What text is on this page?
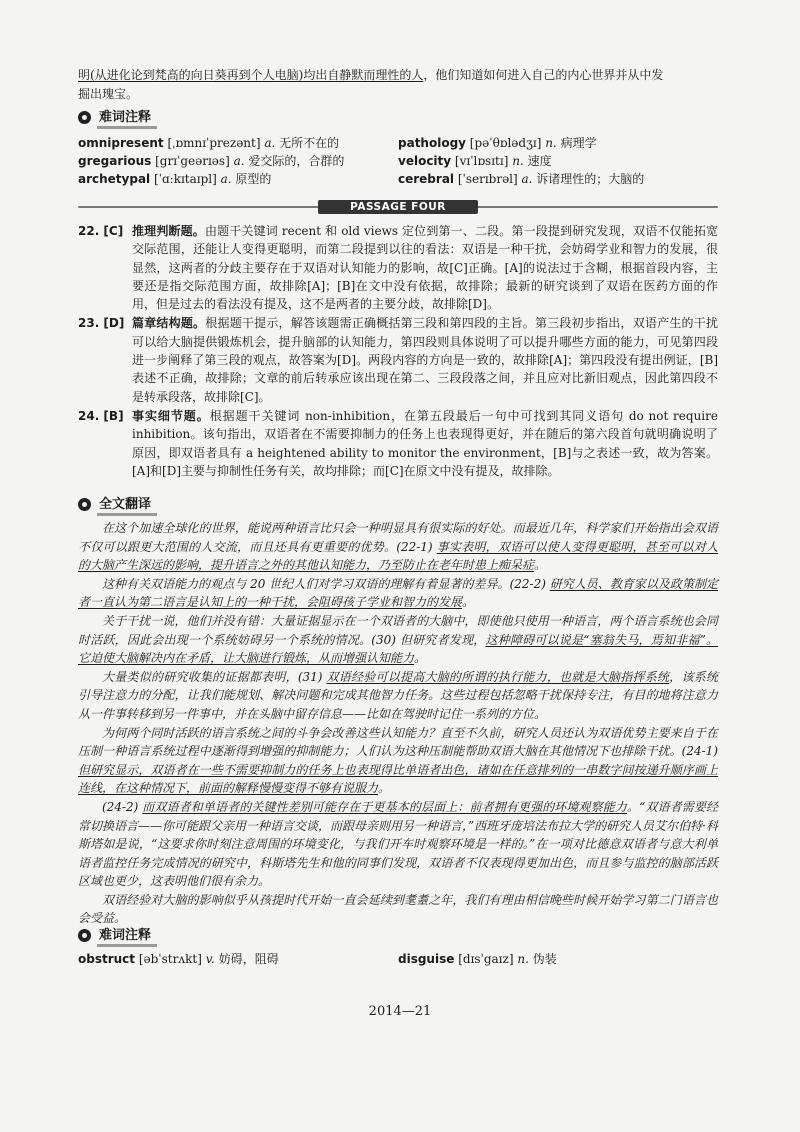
明(从进化论到梵高的向日葵再到个人电脑)均出自静默而理性的人，他们知道如何进入自己的内心世界并从中发
掘出瑰宝。
难词注释
omnipresent [ˌɒmnɪˈprezənt] a. 无所不在的	pathology [pəˈθɒlədʒɪ] n. 病理学
gregarious [grɪˈgeərɪəs] a. 爱交际的，合群的	velocity [vɪˈlɒsɪtɪ] n. 速度
archetypal [ˈɑːkɪtaɪpl] a. 原型的	cerebral [ˈserɪbrəl] a. 诉诸理性的；大脑的
PASSAGE FOUR
22. [C] 推理判断题。由题干关键词 recent 和 old views 定位到第一、二段。第一段提到研究发现，双语不仅能拓宽交际范围，还能让人变得更聪明，而第二段提到以往的看法：双语是一种干扰，会妨碍学业和智力的发展，很显然，这两者的分歧主要存在于双语对认知能力的影响，故[C]正确。[A]的说法过于含糊，根据首段内容，主要还是指交际范围方面，故排除[A]；[B]在文中没有依据，故排除；最新的研究谈到了双语在医药方面的作用，但是过去的看法没有提及，这不是两者的主要分歧，故排除[D]。
23. [D] 篇章结构题。根据题干提示，解答该题需正确概括第三段和第四段的主旨。第三段初步指出，双语产生的干扰可以给大脑提供锻炼机会，提升脑部的认知能力，第四段则具体说明了可以提升哪些方面的能力，可见第四段进一步阐释了第三段的观点，故答案为[D]。两段内容的方向是一致的，故排除[A]；第四段没有提出例证，[B]表述不正确，故排除；文章的前后转承应该出现在第二、三段段落之间，并且应对比新旧观点，因此第四段不是转承段落，故排除[C]。
24. [B] 事实细节题。根据题干关键词 non-inhibition，在第五段最后一句中可找到其同义语句 do not require inhibition。该句指出，双语者在不需要抑制力的任务上也表现得更好，并在随后的第六段首句就明确说明了原因，即双语者具有 a heightened ability to monitor the environment，[B]与之表述一致，故为答案。[A]和[D]主要与抑制性任务有关，故均排除；而[C]在原文中没有提及，故排除。
全文翻译

在这个加速全球化的世界，能说两种语言比只会一种明显具有很实际的好处。而最近几年，科学家们开始指出会双语不仅可以跟更大范围的人交流，而且还具有更重要的优势。(22-1) 事实表明，双语可以使人变得更聪明，甚至可以对人的大脑产生深远的影响，提升语言之外的其他认知能力，乃至防止在老年时患上痴呆症。

这种有关双语能力的观点与 20 世纪人们对学习双语的理解有着显著的差异。(22-2) 研究人员、教育家以及政策制定者一直认为第二语言是认知上的一种干扰，会阻碍孩子学业和智力的发展。

关于干扰一说，他们并没有错：大量证据显示在一个双语者的大脑中，即使他只使用一种语言，两个语言系统也会同时活跃，因此会出现一个系统妨碍另一个系统的情况。(30) 但研究者发现，这种障碍可以说是“塞翁失马，焉知非福”。它迫使大脑解决内在矛盾，让大脑进行锻炼，从而增强认知能力。

大量类似的研究收集的证据都表明，(31) 双语经验可以提高大脑的所谓的执行能力，也就是大脑指挥系统，该系统引导注意力的分配，让我们能规划、解决问题和完成其他智力任务。这些过程包括忽略干扰保持专注，有目的地将注意力从一件事转移到另一件事中，并在头脑中留存信息——比如在驾驶时记住一系列的方位。

为何两个同时活跃的语言系统之间的斗争会改善这些认知能力？直至不久前，研究人员还认为双语优势主要来自于在压制一种语言系统过程中逐渐得到增强的抑制能力；人们认为这种压制能帮助双语大脑在其他情况下也排除干扰。(24-1) 但研究显示，双语者在一些不需要抑制力的任务上也表现得比单语者出色，诸如在任意排列的一串数字间按递升顺序画上连线，在这种情况下，前面的解释慢慢变得不够有说服力。

(24-2) 而双语者和单语者的关键性差别可能存在于更基本的层面上：前者拥有更强的环境观察能力。“双语者需要经常切换语言——你可能跟父亲用一种语言交谈，而跟母亲则用另一种语言，”西班牙庞培法布拉大学的研究人员艾尔伯特·科斯塔如是说，“这要求你时刻注意周围的环境变化，与我们开车时观察环境是一样的。”在一项对比德意双语者与意大利单语者监控任务完成情况的研究中，科斯塔先生和他的同事们发现，双语者不仅表现得更加出色，而且参与监控的脑部活跃区域也更少，这表明他们很有余力。

双语经验对大脑的影响似乎从孩提时代开始一直会延续到耄耋之年，我们有理由相信晚些时候开始学习第二门语言也会受益。

难词注释
obstruct [əbˈstrʌkt] v. 妨碍，阻碍	disguise [dɪsˈgaɪz] n. 伪装
2014—21
